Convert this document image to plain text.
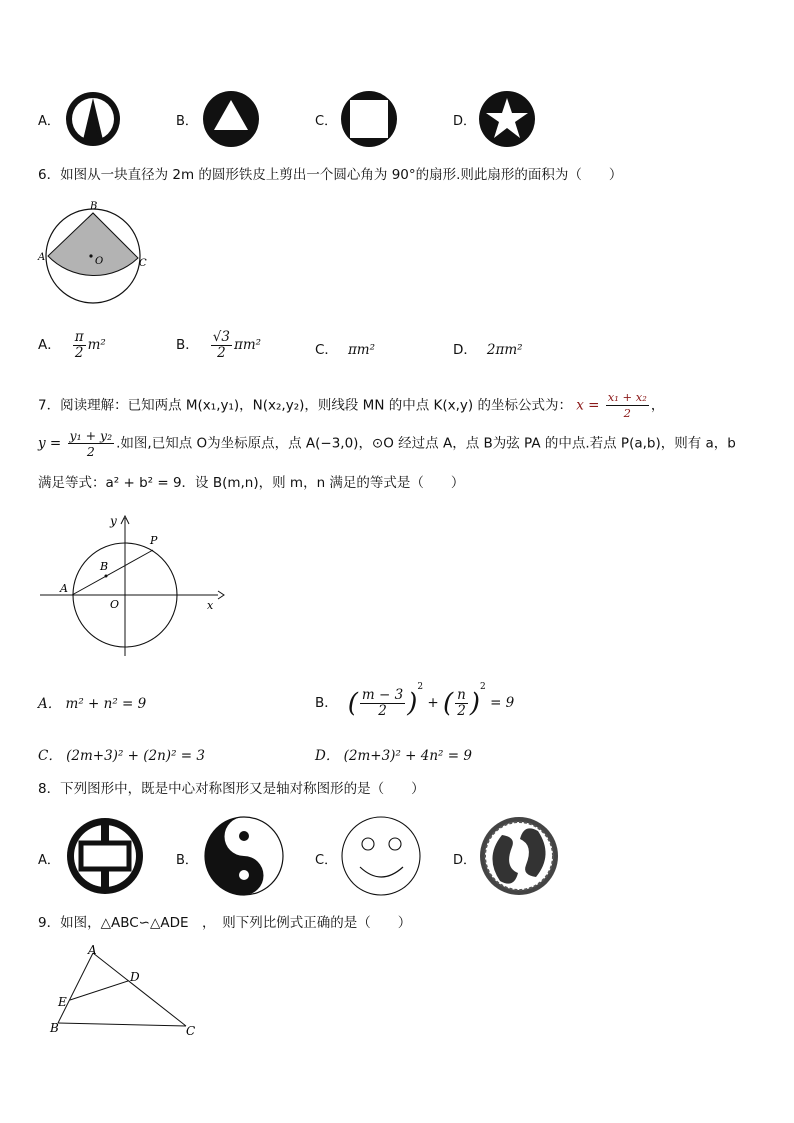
A．	B．	C．	D．
6．如图从一块直径为 2m 的圆形铁皮上剪出一个圆心角为 90°的扇形.则此扇形的面积为（　　）
B
A	O	C
A． $\frac{\pi}{2} m^2$	B． $\frac{√3}{2} \pi m^2$	C． πm²	D． 2πm²
7．阅读理解：已知两点 M(x₁,y₁)，N(x₂,y₂)，则线段 MN 的中点 K(x,y) 的坐标公式为： $x = \frac{\text{x₁ + x₂}}{2}$ ，
$y = \frac{\text{y₁ + y₂}}{2}$ .如图,已知点 O为坐标原点，点 A(−3,0)，⊙O 经过点 A，点 B为弦 PA 的中点.若点 P(a,b)，则有 a，b
满足等式：a² + b² = 9．设 B(m,n)，则 m，n 满足的等式是（　　）
y
P
B
A
O	x
A． m² + n² = 9	B． ( $\frac{m - 3}{2} )^2$ + ( $\frac{n}{2} )^2 = 9$
C． (2m+3)² + (2n)² = 3	D． (2m+3)² + 4n² = 9
8．下列图形中，既是中心对称图形又是轴对称图形的是（　　）
A．	B．	C．	D．
9．如图，△ABC∽△ADE　，　则下列比例式正确的是（　　）
A
D
E
B	C
